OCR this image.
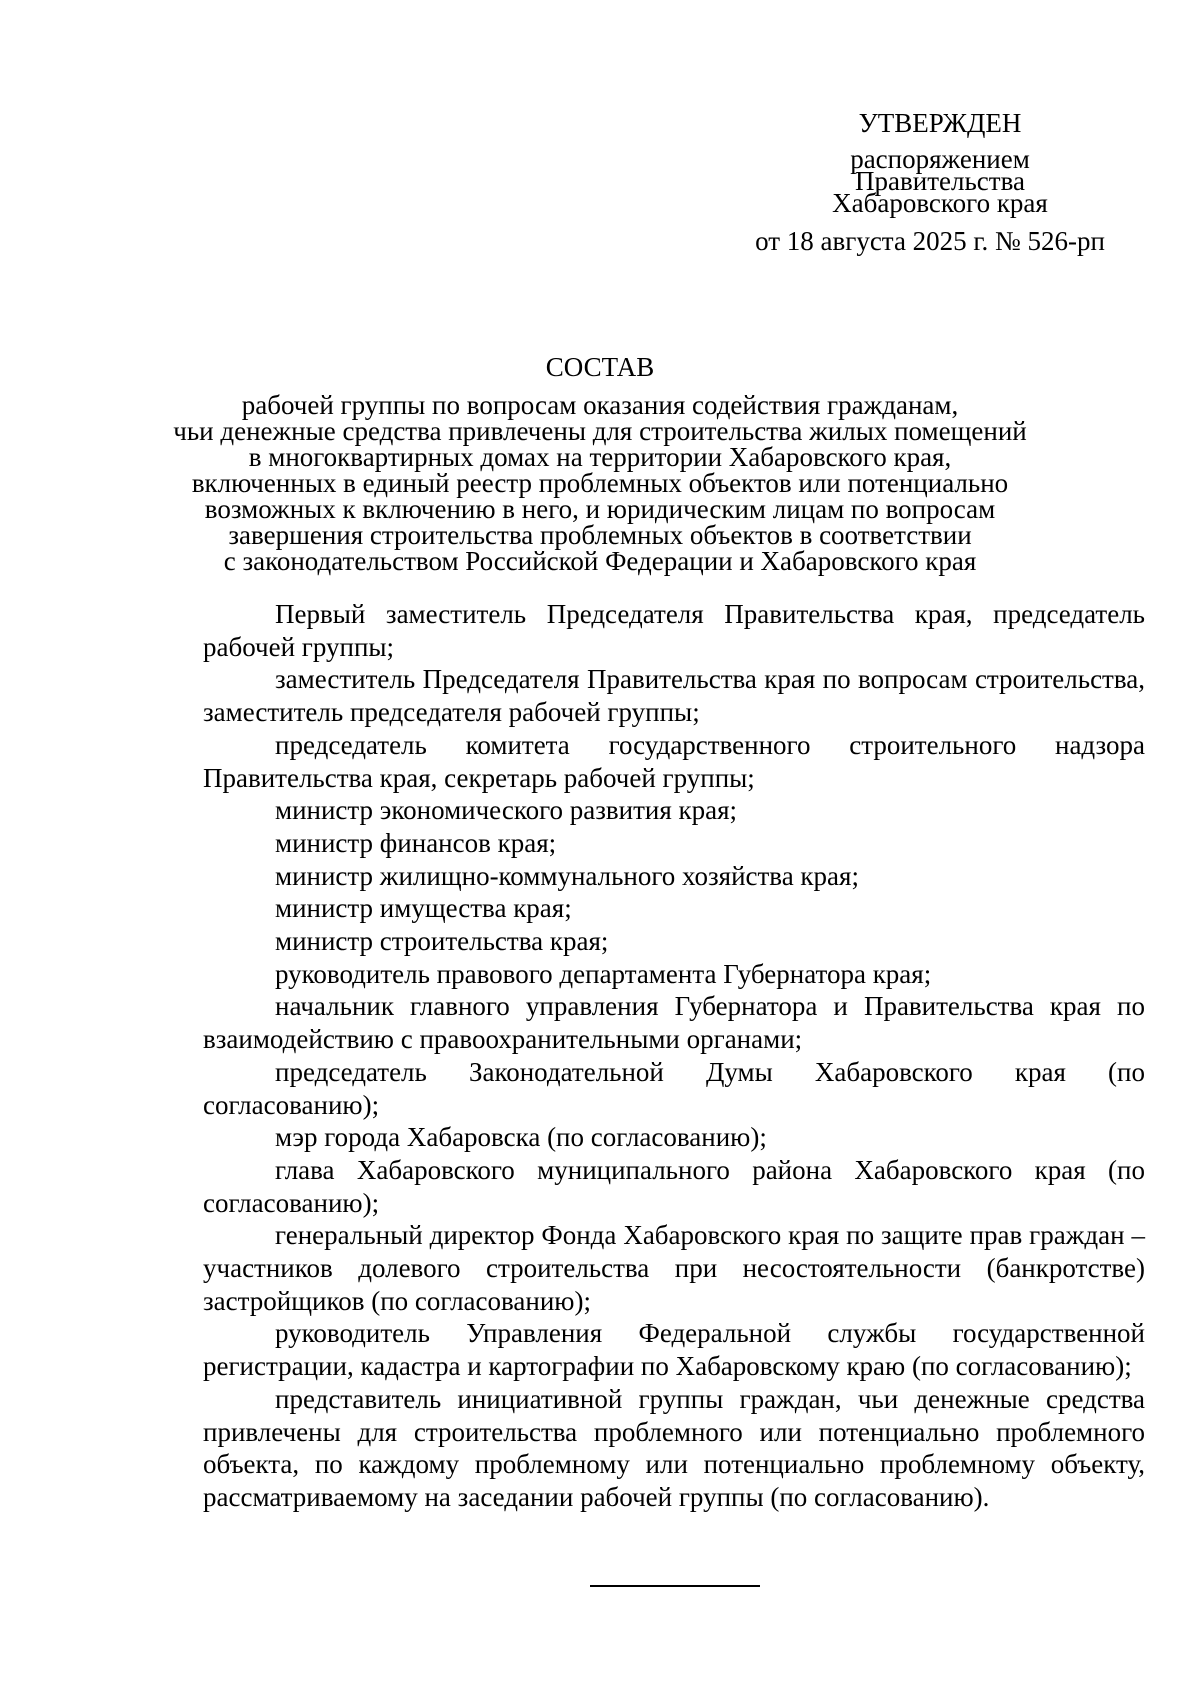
УТВЕРЖДЕН
распоряжением
Правительства
Хабаровского края
от 18 августа 2025 г. № 526-рп
СОСТАВ
рабочей группы по вопросам оказания содействия гражданам,
чьи денежные средства привлечены для строительства жилых помещений
в многоквартирных домах на территории Хабаровского края,
включенных в единый реестр проблемных объектов или потенциально
возможных к включению в него, и юридическим лицам по вопросам
завершения строительства проблемных объектов в соответствии
с законодательством Российской Федерации и Хабаровского края

Первый заместитель Председателя Правительства края, председатель рабочей группы;

заместитель Председателя Правительства края по вопросам строительства, заместитель председателя рабочей группы;

председатель комитета государственного строительного надзора Правительства края, секретарь рабочей группы;

министр экономического развития края;

министр финансов края;

министр жилищно-коммунального хозяйства края;

министр имущества края;

министр строительства края;

руководитель правового департамента Губернатора края;

начальник главного управления Губернатора и Правительства края по взаимодействию с правоохранительными органами;

председатель Законодательной Думы Хабаровского края (по согласованию);

мэр города Хабаровска (по согласованию);

глава Хабаровского муниципального района Хабаровского края (по согласованию);

генеральный директор Фонда Хабаровского края по защите прав граждан – участников долевого строительства при несостоятельности (банкротстве) застройщиков (по согласованию);

руководитель Управления Федеральной службы государственной регистрации, кадастра и картографии по Хабаровскому краю (по согласованию);

представитель инициативной группы граждан, чьи денежные средства привлечены для строительства проблемного или потенциально проблемного объекта, по каждому проблемному или потенциально проблемному объекту, рассматриваемому на заседании рабочей группы (по согласованию).
